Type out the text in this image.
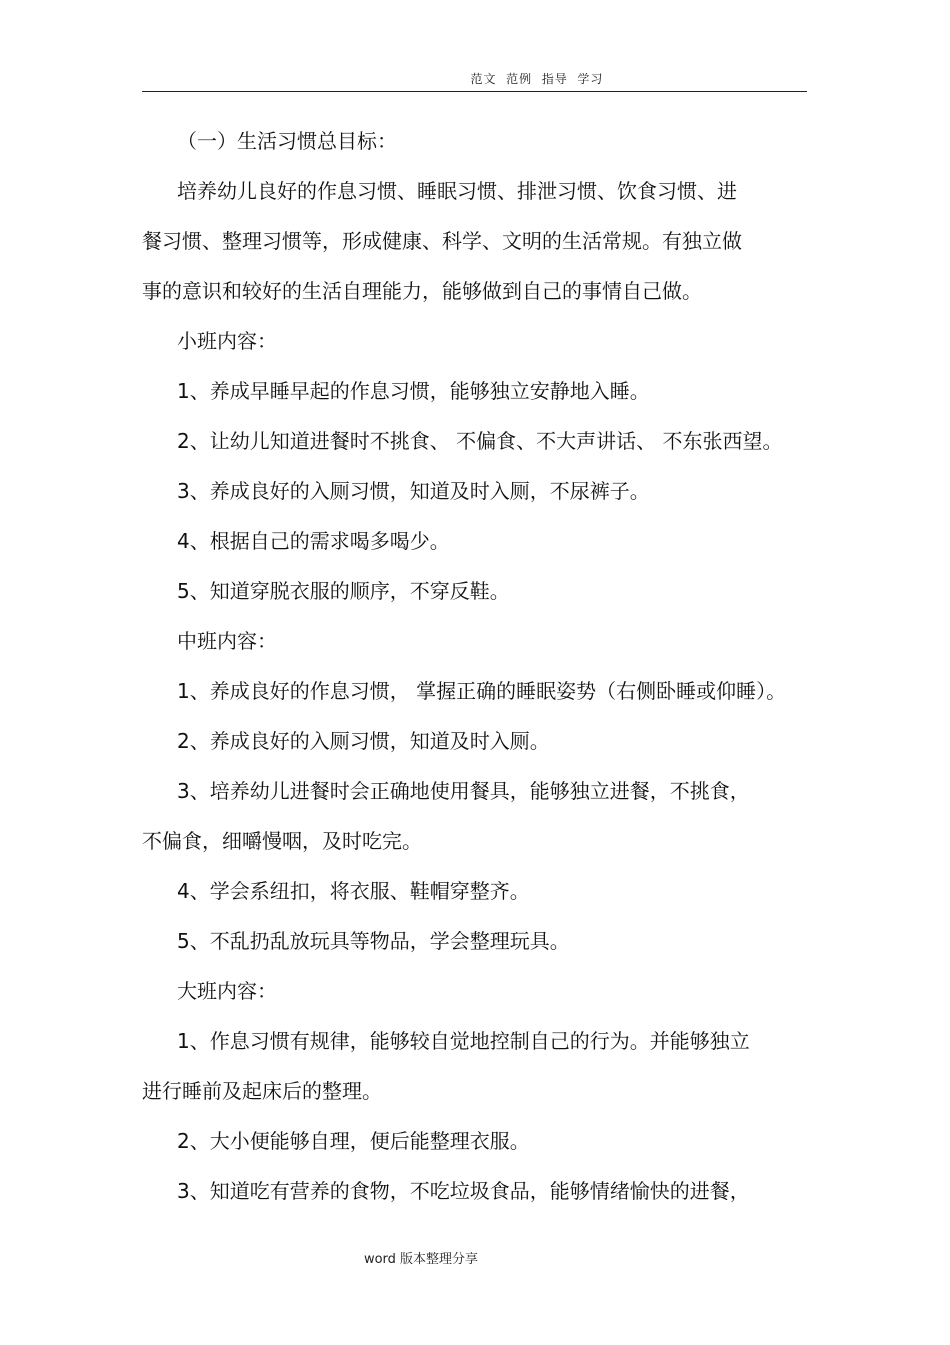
范文  范例  指导  学习
（一）生活习惯总目标：
培养幼儿良好的作息习惯、睡眠习惯、排泄习惯、饮食习惯、进
餐习惯、整理习惯等，形成健康、科学、文明的生活常规。有独立做
事的意识和较好的生活自理能力，能够做到自己的事情自己做。
小班内容：
1、养成早睡早起的作息习惯，能够独立安静地入睡。
2、让幼儿知道进餐时不挑食、 不偏食、不大声讲话、 不东张西望。
3、养成良好的入厕习惯，知道及时入厕，不尿裤子。
4、根据自己的需求喝多喝少。
5、知道穿脱衣服的顺序，不穿反鞋。
中班内容：
1、养成良好的作息习惯， 掌握正确的睡眠姿势（右侧卧睡或仰睡）。
2、养成良好的入厕习惯，知道及时入厕。
3、培养幼儿进餐时会正确地使用餐具，能够独立进餐，不挑食，
不偏食，细嚼慢咽，及时吃完。
4、学会系纽扣，将衣服、鞋帽穿整齐。
5、不乱扔乱放玩具等物品，学会整理玩具。
大班内容：
1、作息习惯有规律，能够较自觉地控制自己的行为。并能够独立
进行睡前及起床后的整理。
2、大小便能够自理，便后能整理衣服。
3、知道吃有营养的食物，不吃垃圾食品，能够情绪愉快的进餐，
word 版本整理分享
